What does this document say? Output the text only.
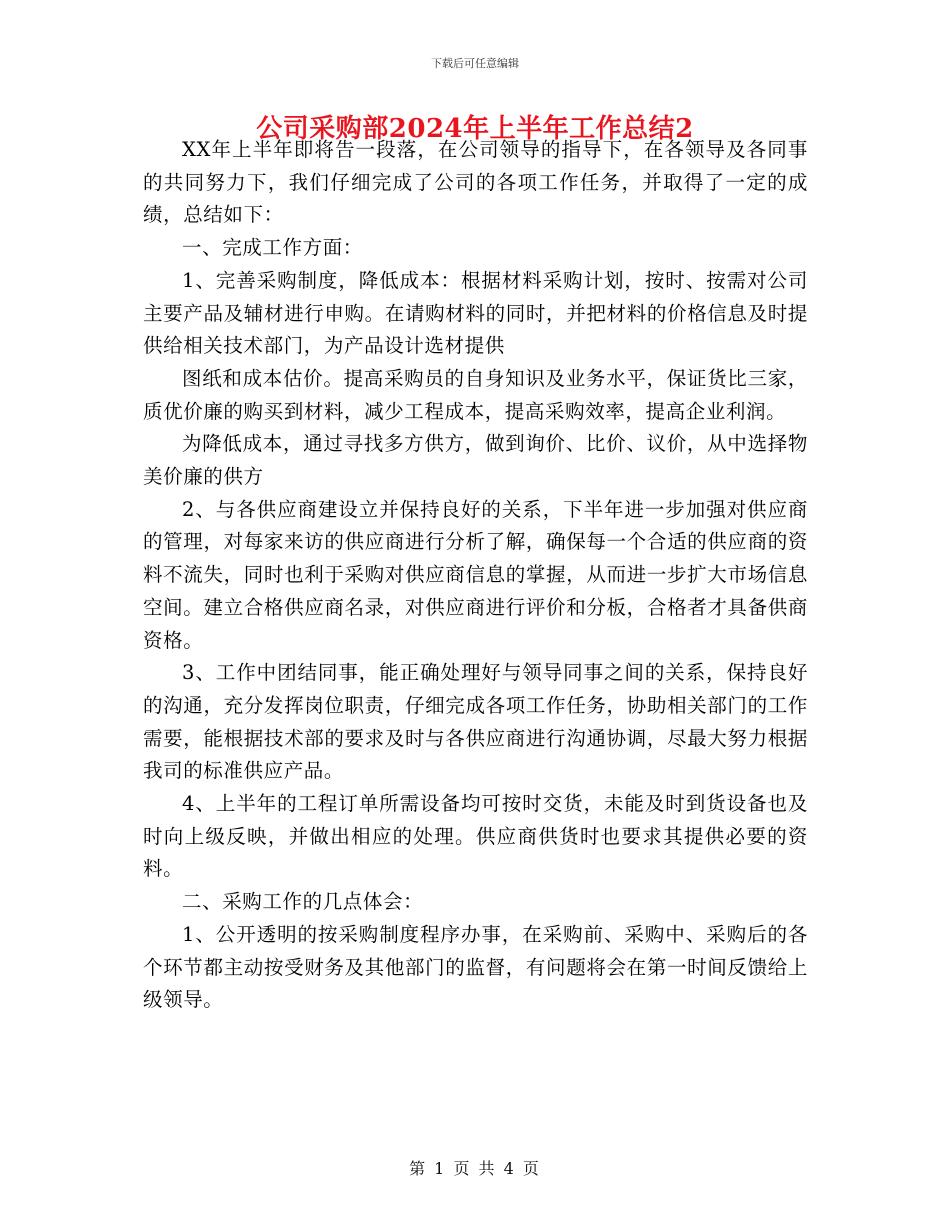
下载后可任意编辑
公司采购部2024年上半年工作总结2

XX年上半年即将告一段落，在公司领导的指导下，在各领导及各同事的共同努力下，我们仔细完成了公司的各项工作任务，并取得了一定的成绩，总结如下：

一、完成工作方面：

1、完善采购制度，降低成本：根据材料采购计划，按时、按需对公司主要产品及辅材进行申购。在请购材料的同时，并把材料的价格信息及时提供给相关技术部门，为产品设计选材提供

图纸和成本估价。提高采购员的自身知识及业务水平，保证货比三家，质优价廉的购买到材料，减少工程成本，提高采购效率，提高企业利润。

为降低成本，通过寻找多方供方，做到询价、比价、议价，从中选择物美价廉的供方

2、与各供应商建设立并保持良好的关系，下半年进一步加强对供应商的管理，对每家来访的供应商进行分析了解，确保每一个合适的供应商的资料不流失，同时也利于采购对供应商信息的掌握，从而进一步扩大市场信息空间。建立合格供应商名录，对供应商进行评价和分板，合格者才具备供商资格。

3、工作中团结同事，能正确处理好与领导同事之间的关系，保持良好的沟通，充分发挥岗位职责，仔细完成各项工作任务，协助相关部门的工作需要，能根据技术部的要求及时与各供应商进行沟通协调，尽最大努力根据我司的标准供应产品。

4、上半年的工程订单所需设备均可按时交货，未能及时到货设备也及时向上级反映，并做出相应的处理。供应商供货时也要求其提供必要的资料。

二、采购工作的几点体会：

1、公开透明的按采购制度程序办事，在采购前、采购中、采购后的各个环节都主动按受财务及其他部门的监督，有问题将会在第一时间反馈给上级领导。

第 1 页 共 4 页
